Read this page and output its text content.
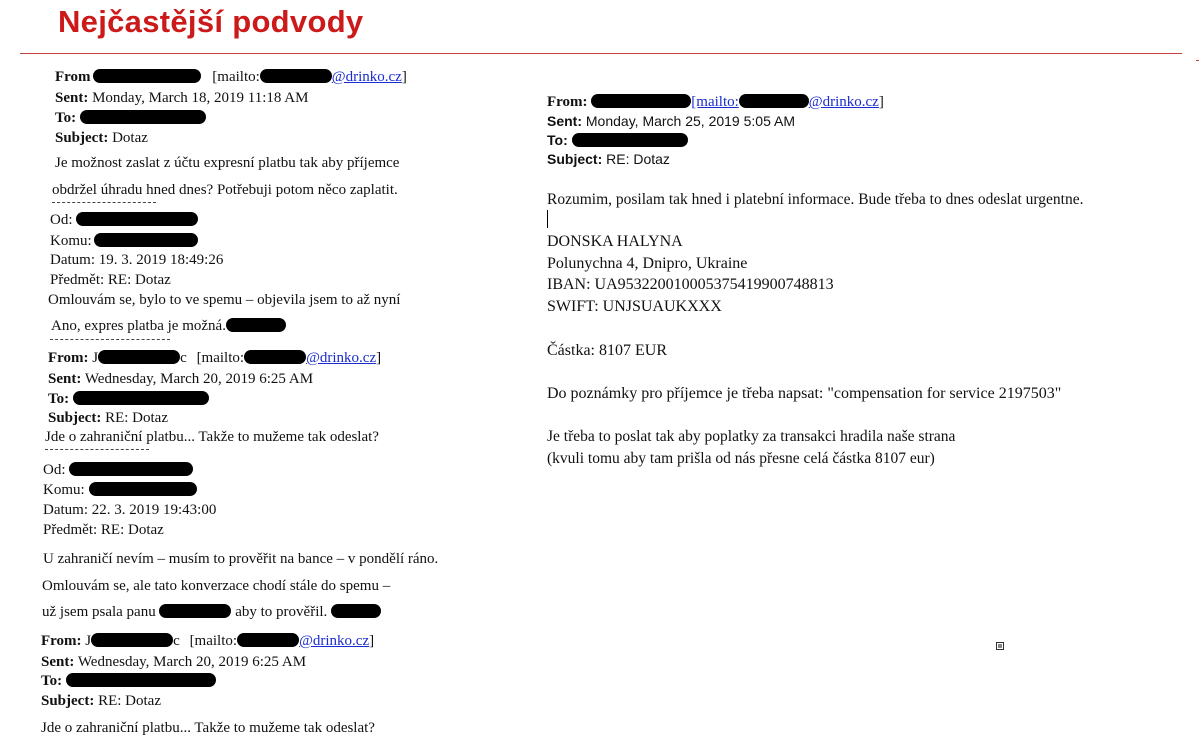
Nejčastější podvody
From	[mailto:	@drinko.cz]
Sent: Monday, March 18, 2019 11:18 AM
To:
Subject: Dotaz
Je možnost zaslat z účtu expresní platbu tak aby příjemce
obdržel úhradu hned dnes? Potřebuji potom něco zaplatit.
Od:
Komu:
Datum: 19. 3. 2019 18:49:26
Předmět: RE: Dotaz
Omlouvám se, bylo to ve spemu – objevila jsem to až nyní
Ano, expres platba je možná.
From: J	c [mailto:	@drinko.cz]
Sent: Wednesday, March 20, 2019 6:25 AM
To:
Subject: RE: Dotaz
Jde o zahraniční platbu... Takže to mužeme tak odeslat?
Od:
Komu:
Datum: 22. 3. 2019 19:43:00
Předmět: RE: Dotaz
U zahraničí nevím – musím to prověřit na bance – v pondělí ráno.
Omlouvám se, ale tato konverzace chodí stále do spemu –
už jsem psala panu	aby to prověřil.
From: J	c [mailto:	@drinko.cz]
Sent: Wednesday, March 20, 2019 6:25 AM
To:
Subject: RE: Dotaz
Jde o zahraniční platbu... Takže to mužeme tak odeslat?
From:	[mailto:	@drinko.cz]
Sent: Monday, March 25, 2019 5:05 AM
To:
Subject: RE: Dotaz
Rozumim, posilam tak hned i platební informace. Bude třeba to dnes odeslat urgentne.
DONSKA HALYNA
Polunychna 4, Dnipro, Ukraine
IBAN: UA953220010005375419900748813
SWIFT: UNJSUAUKXXX
Částka: 8107 EUR
Do poznámky pro příjemce je třeba napsat: "compensation for service 2197503"
Je třeba to poslat tak aby poplatky za transakci hradila naše strana
(kvuli tomu aby tam prišla od nás přesne celá částka 8107 eur)
